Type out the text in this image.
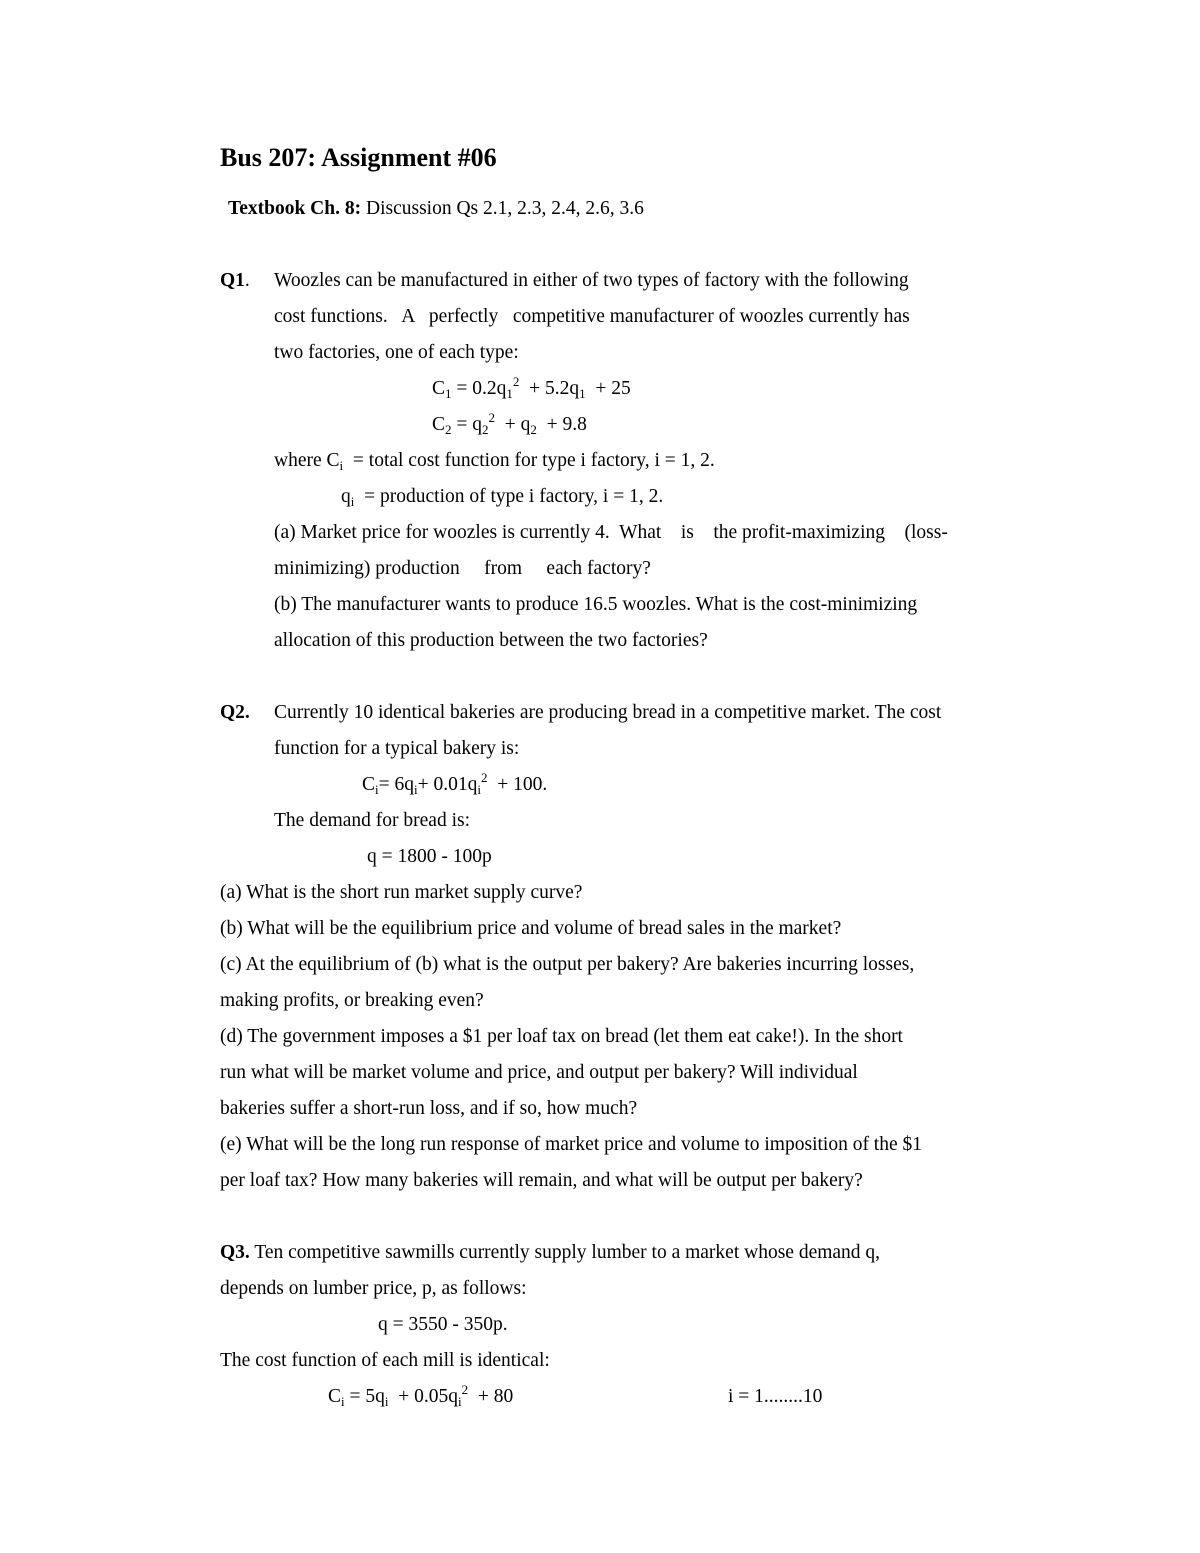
Bus 207: Assignment #06
Textbook Ch. 8: Discussion Qs 2.1, 2.3, 2.4, 2.6, 3.6
Q1. Woozles can be manufactured in either of two types of factory with the following
cost functions.   A   perfectly   competitive manufacturer of woozles currently has
two factories, one of each type:
$C_1 = 0.2q_1^2 + 5.2q_1 + 25$
$C_2 = q_2^2 + q_2 + 9.8$
where $C_i$  = total cost function for type i factory, i = 1, 2.
$q_i$  = production of type i factory, i = 1, 2.
(a) Market price for woozles is currently 4.  What    is    the profit-maximizing    (loss-
minimizing) production     from     each factory?
(b) The manufacturer wants to produce 16.5 woozles. What is the cost-minimizing
allocation of this production between the two factories?
Q2. Currently 10 identical bakeries are producing bread in a competitive market. The cost
function for a typical bakery is:
$C_i= 6q_i+ 0.01q_i^2 + 100$.
The demand for bread is:
q = 1800 - 100p
(a) What is the short run market supply curve?
(b) What will be the equilibrium price and volume of bread sales in the market?
(c) At the equilibrium of (b) what is the output per bakery? Are bakeries incurring losses,
making profits, or breaking even?
(d) The government imposes a $1 per loaf tax on bread (let them eat cake!). In the short
run what will be market volume and price, and output per bakery? Will individual
bakeries suffer a short-run loss, and if so, how much?
(e) What will be the long run response of market price and volume to imposition of the $1
per loaf tax? How many bakeries will remain, and what will be output per bakery?
Q3. Ten competitive sawmills currently supply lumber to a market whose demand q,
depends on lumber price, p, as follows:
q = 3550 - 350p.
The cost function of each mill is identical:
$C_i = 5q_i + 0.05q_i^2 + 80$	i = 1........10
